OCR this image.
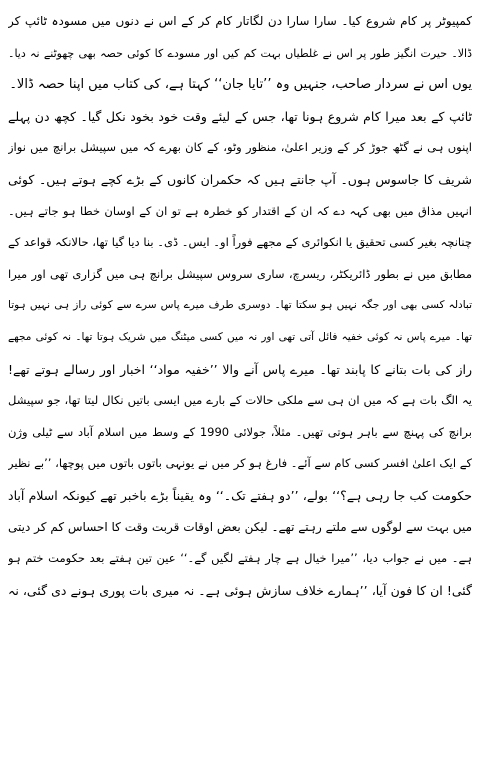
کمپیوٹر پر کام شروع کیا۔ سارا سارا دن لگاتار کام کر کے اس نے دنوں میں مسودہ ٹائپ کر
ڈالا۔ حیرت انگیز طور پر اس نے غلطیاں بہت کم کیں اور مسودے کا کوئی حصہ بھی چھوٹنے نہ دیا۔
یوں اس نے سردار صاحب، جنہیں وہ ’’تایا جان‘‘ کہتا ہے، کی کتاب میں اپنا حصہ ڈالا۔
ٹائپ کے بعد میرا کام شروع ہونا تھا، جس کے لیئے وقت خود بخود نکل گیا۔ کچھ دن پہلے
اپنوں ہی نے گٹھ جوڑ کر کے وزیر اعلیٰ، منظور وٹو، کے کان بھرے کہ میں سپیشل برانچ میں نواز
شریف کا جاسوس ہوں۔ آپ جانتے ہیں کہ حکمران کانوں کے بڑے کچے ہوتے ہیں۔ کوئی
انہیں مذاق میں بھی کہہ دے کہ ان کے اقتدار کو خطرہ ہے تو ان کے اوسان خطا ہو جاتے ہیں۔
چنانچہ بغیر کسی تحقیق یا انکوائری کے مجھے فوراً او۔ ایس۔ ڈی۔ بنا دیا گیا تھا، حالانکہ قواعد کے
مطابق میں نے بطور ڈائریکٹر، ریسرچ، ساری سروس سپیشل برانچ ہی میں گزاری تھی اور میرا
تبادلہ کسی بھی اور جگہ نہیں ہو سکتا تھا۔ دوسری طرف میرے پاس سرے سے کوئی راز ہی نہیں ہوتا
تھا۔ میرے پاس نہ کوئی خفیہ فائل آتی تھی اور نہ میں کسی میٹنگ میں شریک ہوتا تھا۔ نہ کوئی مجھے
راز کی بات بتانے کا پابند تھا۔ میرے پاس آنے والا ’’خفیہ مواد‘‘ اخبار اور رسالے ہوتے تھے!
یہ الگ بات ہے کہ میں ان ہی سے ملکی حالات کے بارے میں ایسی باتیں نکال لیتا تھا، جو سپیشل
برانچ کی پہنچ سے باہر ہوتی تھیں۔ مثلاً، جولائی 1990 کے وسط میں اسلام آباد سے ٹیلی وژن
کے ایک اعلیٰ افسر کسی کام سے آئے۔ فارغ ہو کر میں نے یونہی باتوں باتوں میں پوچھا، ’’بے نظیر
حکومت کب جا رہی ہے؟‘‘ بولے، ’’دو ہفتے تک۔‘‘ وہ یقیناً بڑے باخبر تھے کیونکہ اسلام آباد
میں بہت سے لوگوں سے ملتے رہتے تھے۔ لیکن بعض اوقات قربت وقت کا احساس کم کر دیتی
ہے۔ میں نے جواب دیا، ’’میرا خیال ہے چار ہفتے لگیں گے۔‘‘ عین تین ہفتے بعد حکومت ختم ہو
گئی! ان کا فون آیا، ’’ہمارے خلاف سازش ہوئی ہے۔ نہ میری بات پوری ہونے دی گئی، نہ
